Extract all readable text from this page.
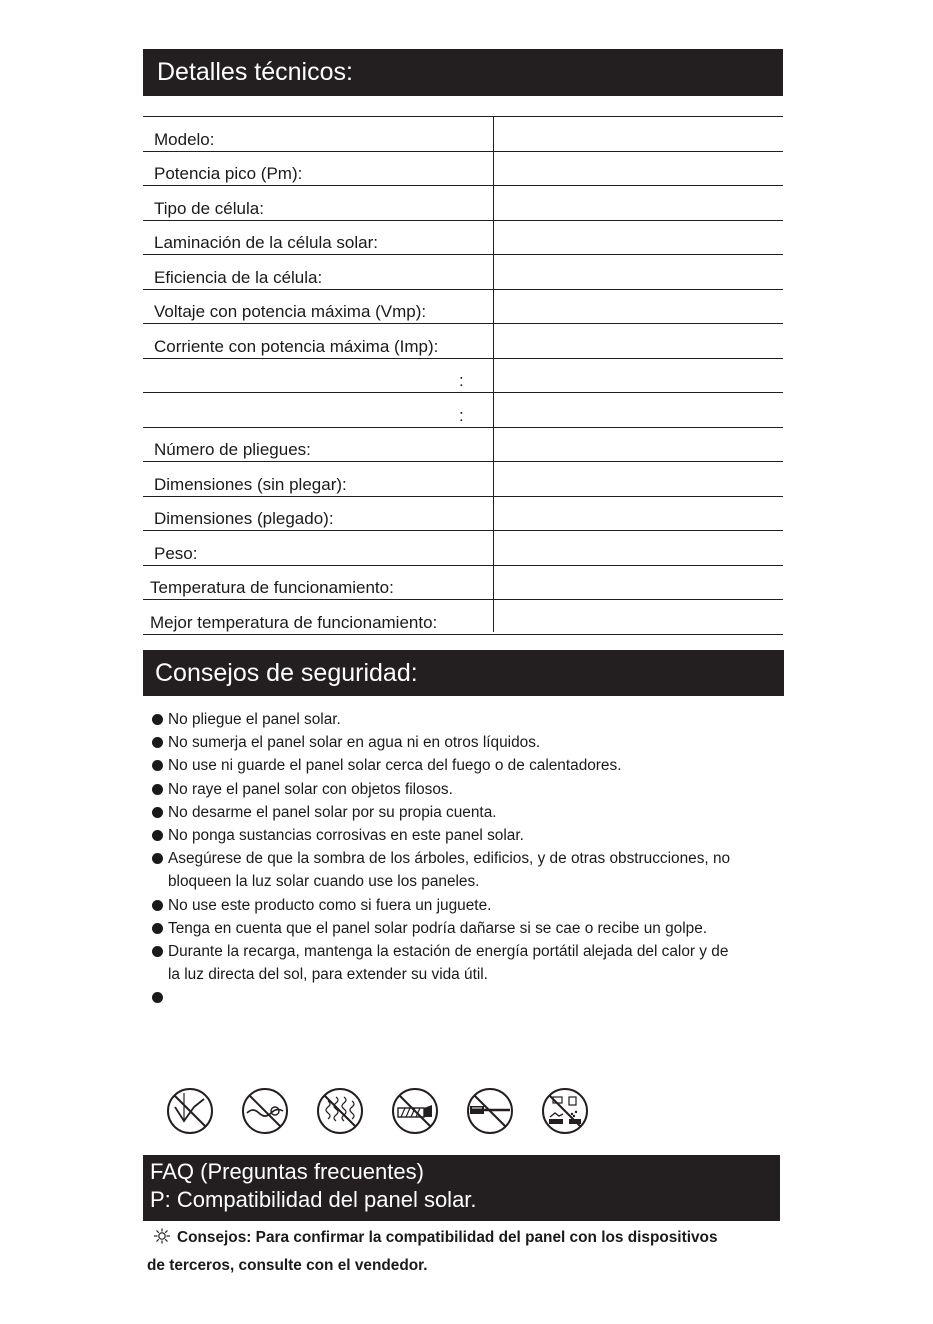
Detalles técnicos:
Modelo:
Potencia pico (Pm):
Tipo de célula:
Laminación de la célula solar:
Eficiencia de la célula:
Voltaje con potencia máxima (Vmp):
Corriente con potencia máxima (Imp):
:
:
Número de pliegues:
Dimensiones (sin plegar):
Dimensiones (plegado):
Peso:
Temperatura de funcionamiento:
Mejor temperatura de funcionamiento:
Consejos de seguridad:
No pliegue el panel solar.
No sumerja el panel solar en agua ni en otros líquidos.
No use ni guarde el panel solar cerca del fuego o de calentadores.
No raye el panel solar con objetos filosos.
No desarme el panel solar por su propia cuenta.
No ponga sustancias corrosivas en este panel solar.
Asegúrese de que la sombra de los árboles, edificios, y de otras obstrucciones, no
bloqueen la luz solar cuando use los paneles.
No use este producto como si fuera un juguete.
Tenga en cuenta que el panel solar podría dañarse si se cae o recibe un golpe.
Durante la recarga, mantenga la estación de energía portátil alejada del calor y de
la luz directa del sol, para extender su vida útil.
FAQ (Preguntas frecuentes)
P: Compatibilidad del panel solar.
Consejos: Para confirmar la compatibilidad del panel con los dispositivos
de terceros, consulte con el vendedor.
